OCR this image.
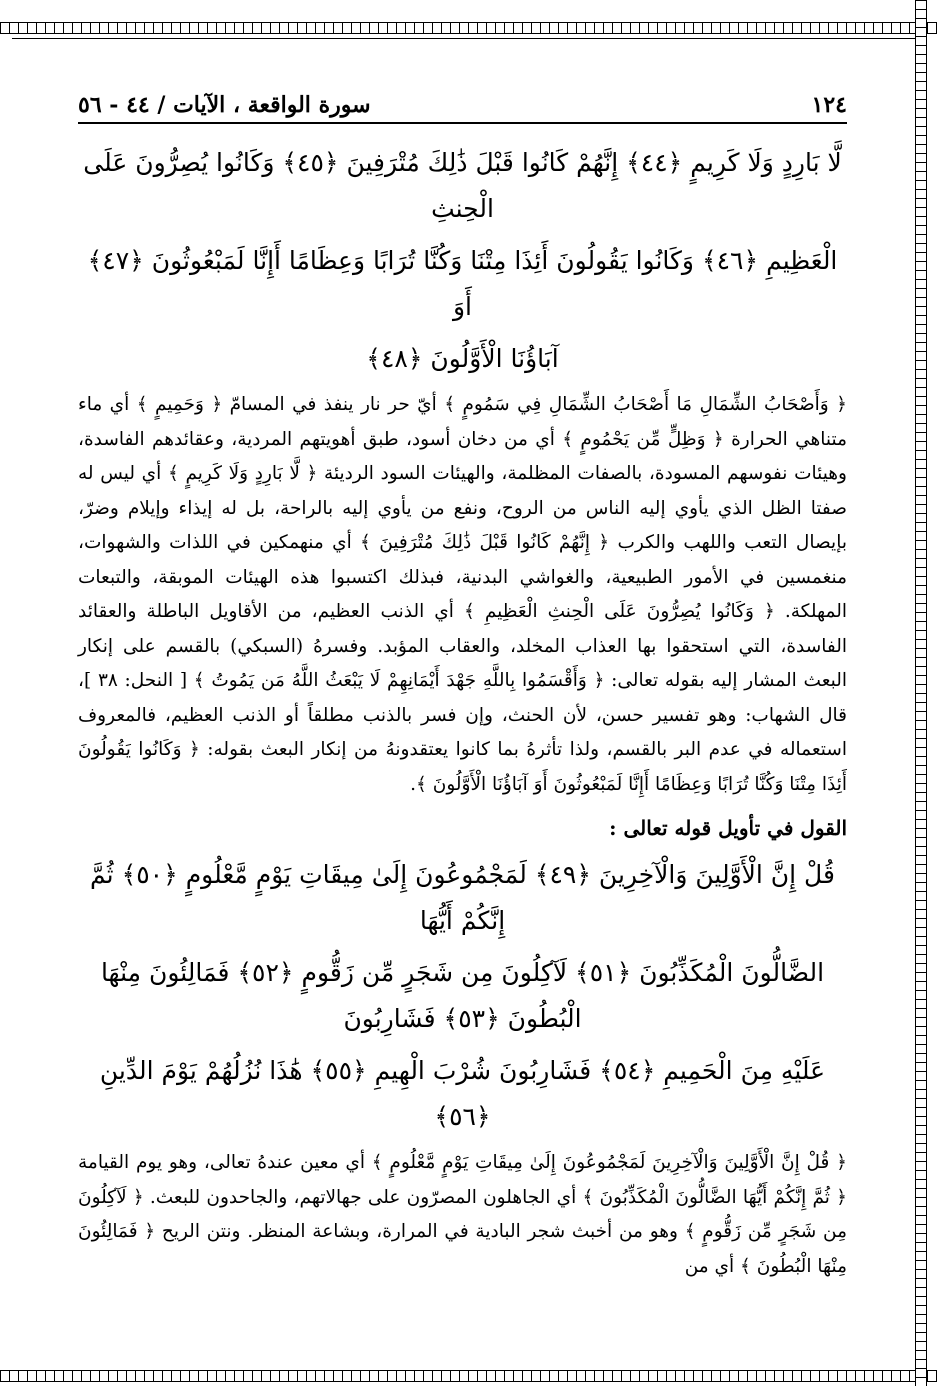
١٢٤
سورة الواقعة ، الآيات / ٤٤ - ٥٦

لَّا بَارِدٍ وَلَا كَرِيمٍ ﴿٤٤﴾ إِنَّهُمْ كَانُوا قَبْلَ ذَٰلِكَ مُتْرَفِينَ ﴿٤٥﴾ وَكَانُوا يُصِرُّونَ عَلَى الْحِنثِ

الْعَظِيمِ ﴿٤٦﴾ وَكَانُوا يَقُولُونَ أَئِذَا مِتْنَا وَكُنَّا تُرَابًا وَعِظَامًا أَإِنَّا لَمَبْعُوثُونَ ﴿٤٧﴾ أَوَ

آبَاؤُنَا الْأَوَّلُونَ ﴿٤٨﴾

﴿ وَأَصْحَابُ الشِّمَالِ مَا أَصْحَابُ الشِّمَالِ فِي سَمُومٍ ﴾ أيّ حر نار ينفذ في المسامّ ﴿ وَحَمِيمٍ ﴾ أي ماء متناهي الحرارة ﴿ وَظِلٍّ مِّن يَحْمُومٍ ﴾ أي من دخان أسود، طبق أهويتهم المردية، وعقائدهم الفاسدة، وهيئات نفوسهم المسودة، بالصفات المظلمة، والهيئات السود الرديئة ﴿ لَّا بَارِدٍ وَلَا كَرِيمٍ ﴾ أي ليس له صفتا الظل الذي يأوي إليه الناس من الروح، ونفع من يأوي إليه بالراحة، بل له إيذاء وإيلام وضرّ، بإيصال التعب واللهب والكرب ﴿ إِنَّهُمْ كَانُوا قَبْلَ ذَٰلِكَ مُتْرَفِينَ ﴾ أي منهمكين في اللذات والشهوات، منغمسين في الأمور الطبيعية، والغواشي البدنية، فبذلك اكتسبوا هذه الهيئات الموبقة، والتبعات المهلكة. ﴿ وَكَانُوا يُصِرُّونَ عَلَى الْحِنثِ الْعَظِيمِ ﴾ أي الذنب العظيم، من الأقاويل الباطلة والعقائد الفاسدة، التي استحقوا بها العذاب المخلد، والعقاب المؤبد. وفسرهُ (السبكي) بالقسم على إنكار البعث المشار إليه بقوله تعالى: ﴿ وَأَقْسَمُوا بِاللَّهِ جَهْدَ أَيْمَانِهِمْ لَا يَبْعَثُ اللَّهُ مَن يَمُوتُ ﴾ [ النحل: ٣٨ ]، قال الشهاب: وهو تفسير حسن، لأن الحنث، وإن فسر بالذنب مطلقاً أو الذنب العظيم، فالمعروف استعماله في عدم البر بالقسم، ولذا تأثرهُ بما كانوا يعتقدونهُ من إنكار البعث بقوله: ﴿ وَكَانُوا يَقُولُونَ أَئِذَا مِتْنَا وَكُنَّا تُرَابًا وَعِظَامًا أَإِنَّا لَمَبْعُوثُونَ أَوَ آبَاؤُنَا الْأَوَّلُونَ ﴾.

القول في تأويل قوله تعالى :

قُلْ إِنَّ الْأَوَّلِينَ وَالْآخِرِينَ ﴿٤٩﴾ لَمَجْمُوعُونَ إِلَىٰ مِيقَاتِ يَوْمٍ مَّعْلُومٍ ﴿٥٠﴾ ثُمَّ إِنَّكُمْ أَيُّهَا

الضَّالُّونَ الْمُكَذِّبُونَ ﴿٥١﴾ لَآكِلُونَ مِن شَجَرٍ مِّن زَقُّومٍ ﴿٥٢﴾ فَمَالِئُونَ مِنْهَا الْبُطُونَ ﴿٥٣﴾ فَشَارِبُونَ

عَلَيْهِ مِنَ الْحَمِيمِ ﴿٥٤﴾ فَشَارِبُونَ شُرْبَ الْهِيمِ ﴿٥٥﴾ هَٰذَا نُزُلُهُمْ يَوْمَ الدِّينِ ﴿٥٦﴾

﴿ قُلْ إِنَّ الْأَوَّلِينَ وَالْآخِرِينَ لَمَجْمُوعُونَ إِلَىٰ مِيقَاتِ يَوْمٍ مَّعْلُومٍ ﴾ أي معين عندهُ تعالى، وهو يوم القيامة ﴿ ثُمَّ إِنَّكُمْ أَيُّهَا الضَّالُّونَ الْمُكَذِّبُونَ ﴾ أي الجاهلون المصرّون على جهالاتهم، والجاحدون للبعث. ﴿ لَآكِلُونَ مِن شَجَرٍ مِّن زَقُّومٍ ﴾ وهو من أخبث شجر البادية في المرارة، وبشاعة المنظر. ونتن الريح ﴿ فَمَالِئُونَ مِنْهَا الْبُطُونَ ﴾ أي من
